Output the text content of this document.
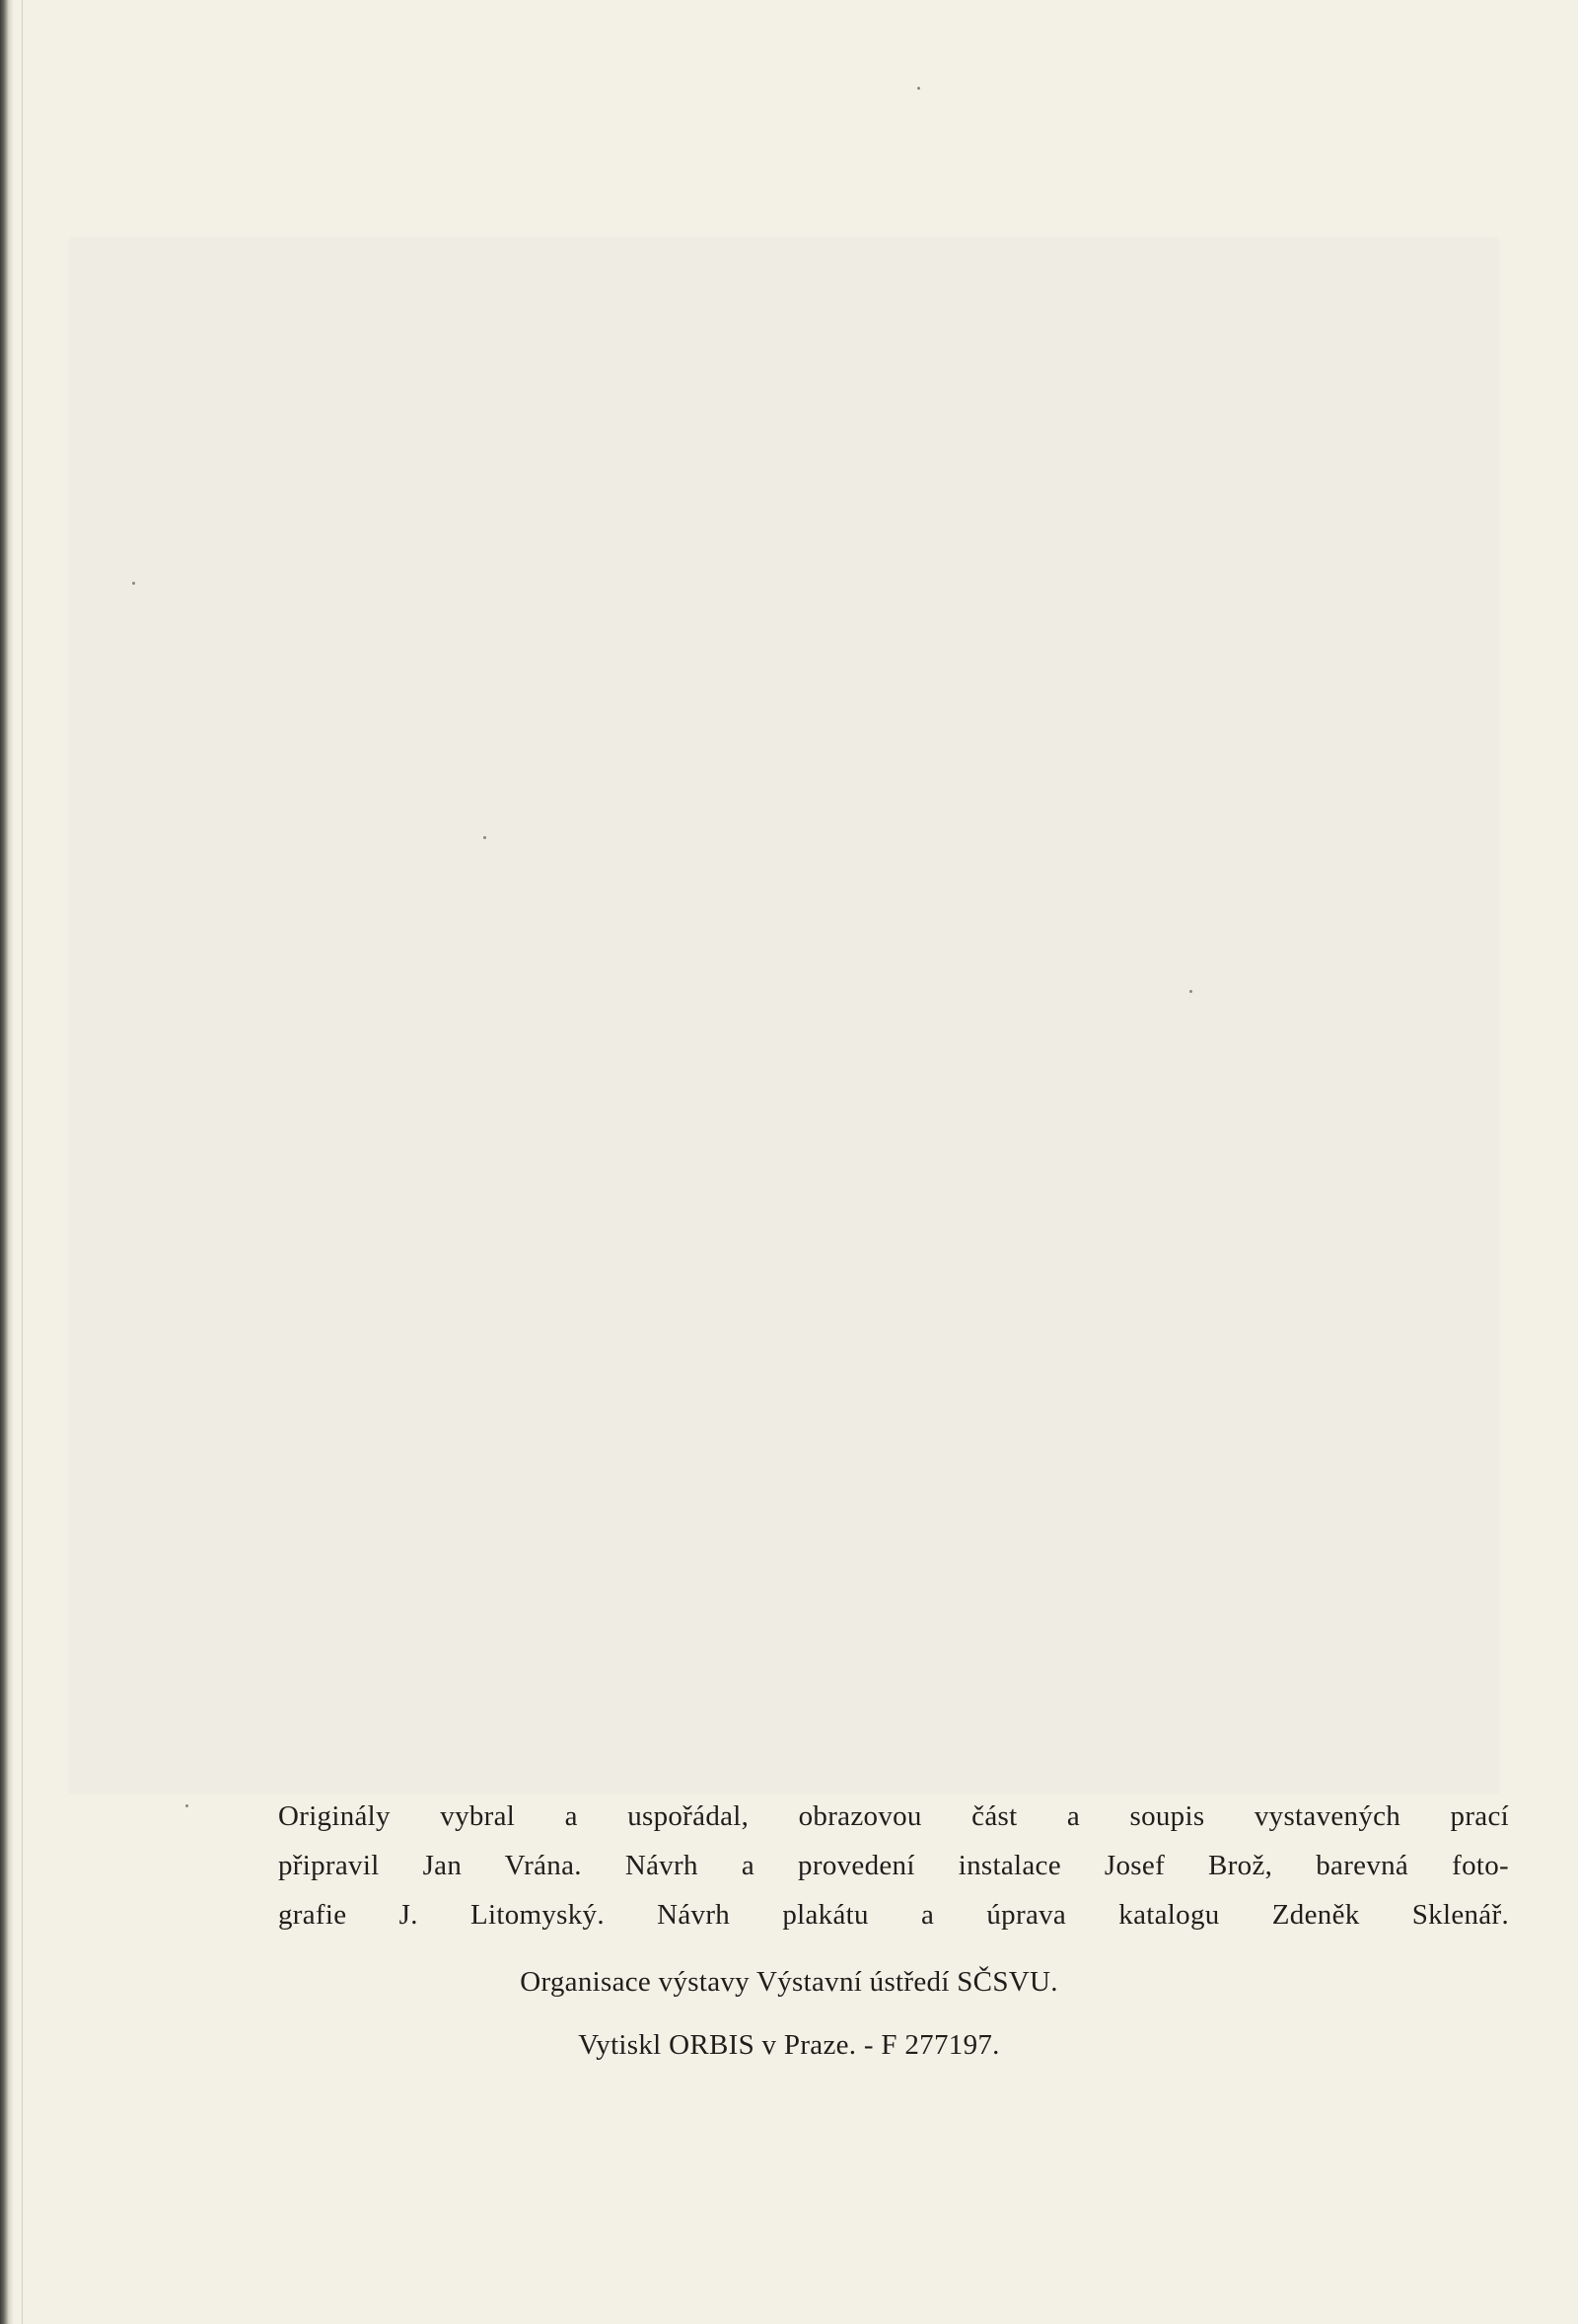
Originály vybral a uspořádal, obrazovou část a soupis vystavených prací

připravil Jan Vrána. Návrh a provedení instalace Josef Brož, barevná foto-

grafie J. Litomyský. Návrh plakátu a úprava katalogu Zdeněk Sklenář.

Organisace výstavy Výstavní ústředí SČSVU.

Vytiskl ORBIS v Praze. - F 277197.
